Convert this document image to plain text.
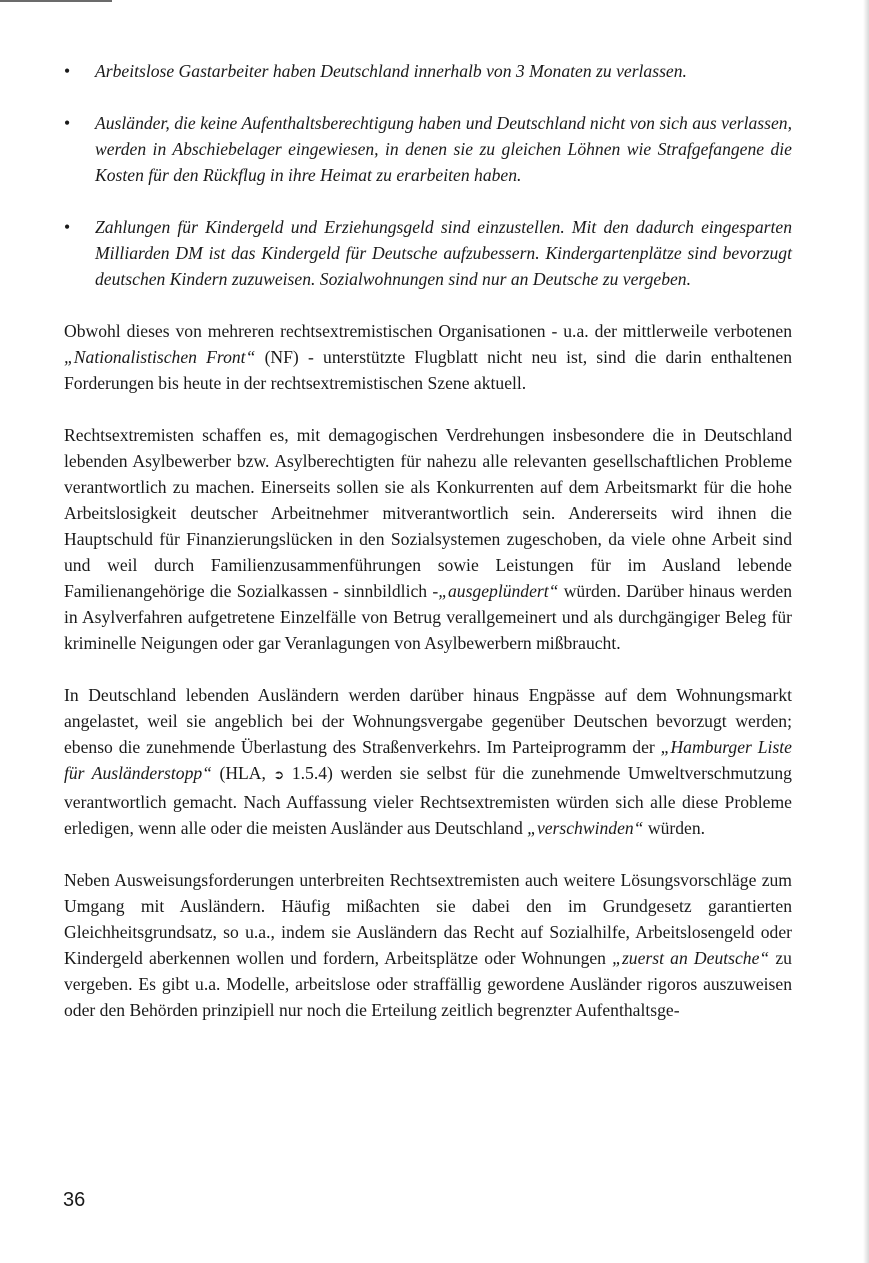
• Arbeitslose Gastarbeiter haben Deutschland innerhalb von 3 Monaten zu verlassen.
• Ausländer, die keine Aufenthaltsberechtigung haben und Deutschland nicht von sich aus verlassen, werden in Abschiebelager eingewiesen, in denen sie zu gleichen Löhnen wie Strafgefangene die Kosten für den Rückflug in ihre Heimat zu erarbeiten haben.
• Zahlungen für Kindergeld und Erziehungsgeld sind einzustellen. Mit den dadurch eingesparten Milliarden DM ist das Kindergeld für Deutsche aufzubessern. Kindergartenplätze sind bevorzugt deutschen Kindern zuzuweisen. Sozialwohnungen sind nur an Deutsche zu vergeben.

Obwohl dieses von mehreren rechtsextremistischen Organisationen - u.a. der mittlerweile verbotenen „Nationalistischen Front“ (NF) - unterstützte Flugblatt nicht neu ist, sind die darin enthaltenen Forderungen bis heute in der rechtsextremistischen Szene aktuell.

Rechtsextremisten schaffen es, mit demagogischen Verdrehungen insbesondere die in Deutschland lebenden Asylbewerber bzw. Asylberechtigten für nahezu alle relevanten gesellschaftlichen Probleme verantwortlich zu machen. Einerseits sollen sie als Konkurrenten auf dem Arbeitsmarkt für die hohe Arbeitslosigkeit deutscher Arbeitnehmer mitverantwortlich sein. Andererseits wird ihnen die Hauptschuld für Finanzierungslücken in den Sozialsystemen zugeschoben, da viele ohne Arbeit sind und weil durch Familienzusammenführungen sowie Leistungen für im Ausland lebende Familienangehörige die Sozialkassen - sinnbildlich -„ausgeplündert“ würden. Darüber hinaus werden in Asylverfahren aufgetretene Einzelfälle von Betrug verallgemeinert und als durchgängiger Beleg für kriminelle Neigungen oder gar Veranlagungen von Asylbewerbern mißbraucht.

In Deutschland lebenden Ausländern werden darüber hinaus Engpässe auf dem Wohnungsmarkt angelastet, weil sie angeblich bei der Wohnungsvergabe gegenüber Deutschen bevorzugt werden; ebenso die zunehmende Überlastung des Straßenverkehrs. Im Parteiprogramm der „Hamburger Liste für Ausländerstopp“ (HLA, ➲ 1.5.4) werden sie selbst für die zunehmende Umweltverschmutzung verantwortlich gemacht. Nach Auffassung vieler Rechtsextremisten würden sich alle diese Probleme erledigen, wenn alle oder die meisten Ausländer aus Deutschland „verschwinden“ würden.

Neben Ausweisungsforderungen unterbreiten Rechtsextremisten auch weitere Lösungsvorschläge zum Umgang mit Ausländern. Häufig mißachten sie dabei den im Grundgesetz garantierten Gleichheitsgrundsatz, so u.a., indem sie Ausländern das Recht auf Sozialhilfe, Arbeitslosengeld oder Kindergeld aberkennen wollen und fordern, Arbeitsplätze oder Wohnungen „zuerst an Deutsche“ zu vergeben. Es gibt u.a. Modelle, arbeitslose oder straffällig gewordene Ausländer rigoros auszuweisen oder den Behörden prinzipiell nur noch die Erteilung zeitlich begrenzter Aufenthaltsge-

36
